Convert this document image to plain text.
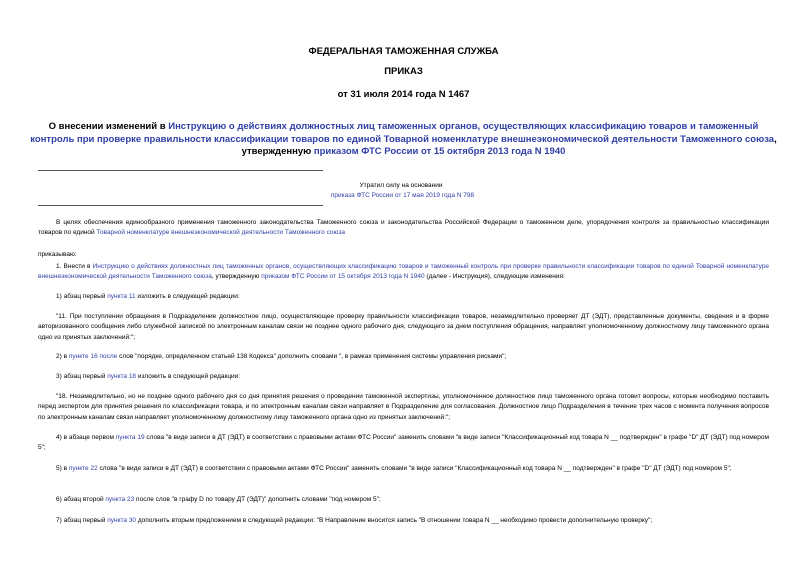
ФЕДЕРАЛЬНАЯ ТАМОЖЕННАЯ СЛУЖБА
ПРИКАЗ
от 31 июля 2014 года N 1467
О внесении изменений в Инструкцию о действиях должностных лиц таможенных органов, осуществляющих классификацию товаров и таможенный контроль при проверке правильности классификации товаров по единой Товарной номенклатуре внешнеэкономической деятельности Таможенного союза, утвержденную приказом ФТС России от 15 октября 2013 года N 1940
Утратил силу на основании
приказа ФТС России от 17 мая 2019 года N 798
В целях обеспечения единообразного применения таможенного законодательства Таможенного союза и законодательства Российской Федерации о таможенном деле, упорядочения контроля за правильностью классификации товаров по единой Товарной номенклатуре внешнеэкономической деятельности Таможенного союза
приказываю:
1. Внести в Инструкцию о действиях должностных лиц таможенных органов, осуществляющих классификацию товаров и таможенный контроль при проверке правильности классификации товаров по единой Товарной номенклатуре внешнеэкономической деятельности Таможенного союза, утвержденную приказом ФТС России от 15 октября 2013 года N 1940 (далее - Инструкция), следующие изменения:
1) абзац первый пункта 11 изложить в следующей редакции:
"11. При поступлении обращения в Подразделение должностное лицо, осуществляющее проверку правильности классификации товаров, незамедлительно проверяет ДТ (ЭДТ), представленные документы, сведения и в форме авторизованного сообщения либо служебной запиской по электронным каналам связи не позднее одного рабочего дня, следующего за днем поступления обращения, направляет уполномоченному должностному лицу таможенного органа одно из принятых заключений:";
2) в пункте 16 после слов "порядке, определенном статьей 138 Кодекса" дополнить словами ", в рамках применения системы управления рисками";
3) абзац первый пункта 18 изложить в следующей редакции:
"18. Незамедлительно, но не позднее одного рабочего дня со дня принятия решения о проведении таможенной экспертизы, уполномоченное должностное лицо таможенного органа готовит вопросы, которые необходимо поставить перед экспертом для принятия решения по классификации товара, и по электронным каналам связи направляет в Подразделение для согласования. Должностное лицо Подразделения в течение трех часов с момента получения вопросов по электронным каналам связи направляет уполномоченному должностному лицу таможенного органа одно из принятых заключений:";
4) в абзаце первом пункта 19 слова "в виде записи в ДТ (ЭДТ) в соответствии с правовыми актами ФТС России" заменить словами "в виде записи "Классификационный код товара N __ подтвержден" в графе "D" ДТ (ЭДТ) под номером 5";
5) в пункте 22 слова "в виде записи в ДТ (ЭДТ) в соответствии с правовыми актами ФТС России" заменить словами "в виде записи "Классификационный код товара N __ подтвержден" в графе "D" ДТ (ЭДТ) под номером 5";
6) абзац второй пункта 23 после слов "в графу D по товару ДТ (ЭДТ)" дополнить словами "под номером 5";
7) абзац первый пункта 30 дополнить вторым предложением в следующей редакции: "В Направление вносится запись "В отношении товара N __ необходимо провести дополнительную проверку";
